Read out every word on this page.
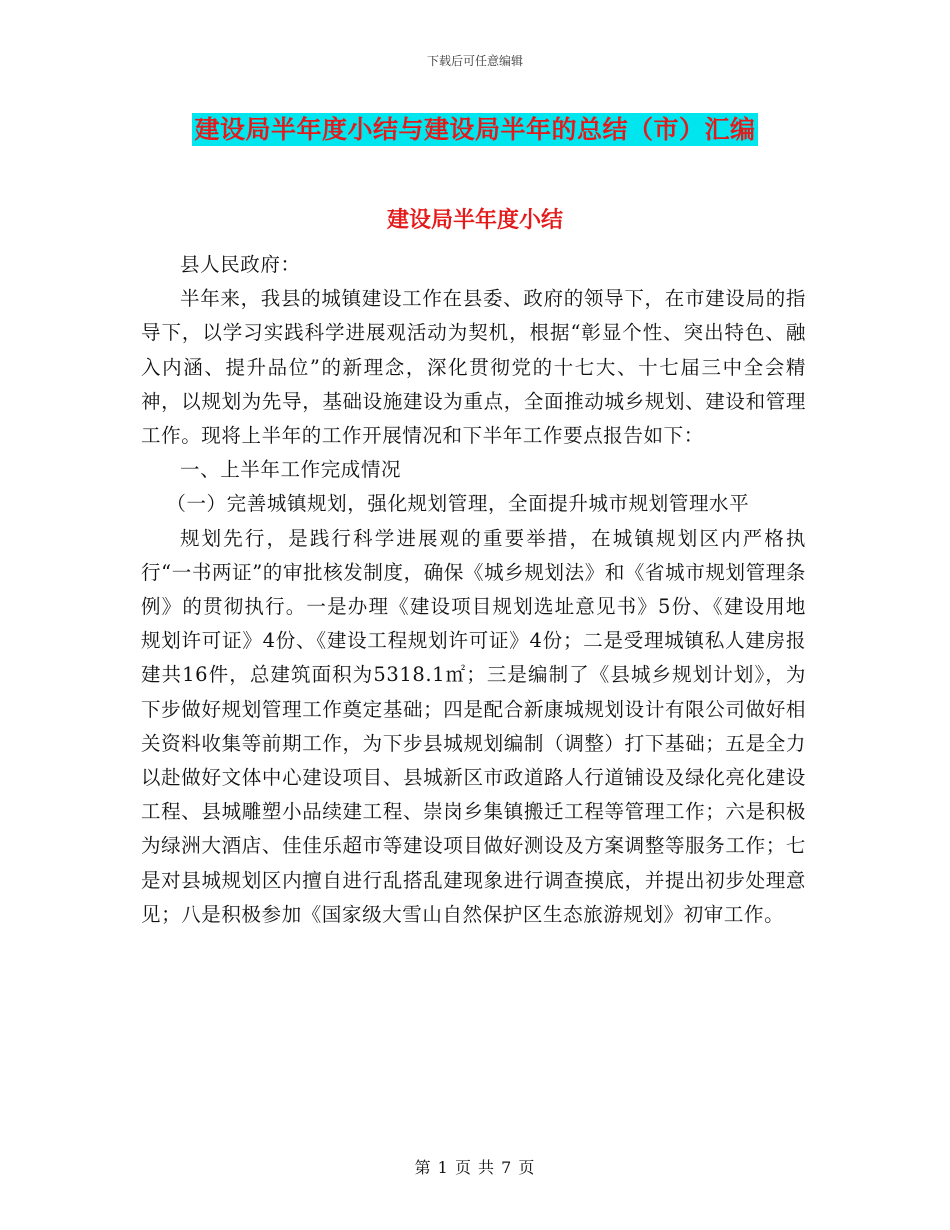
下载后可任意编辑
建设局半年度小结与建设局半年的总结（市）汇编
建设局半年度小结

县人民政府：

半年来，我县的城镇建设工作在县委、政府的领导下，在市建设局的指导下，以学习实践科学进展观活动为契机，根据“彰显个性、突出特色、融入内涵、提升品位”的新理念，深化贯彻党的十七大、十七届三中全会精神，以规划为先导，基础设施建设为重点，全面推动城乡规划、建设和管理工作。现将上半年的工作开展情况和下半年工作要点报告如下：

一、上半年工作完成情况

（一）完善城镇规划，强化规划管理，全面提升城市规划管理水平

规划先行，是践行科学进展观的重要举措，在城镇规划区内严格执行“一书两证”的审批核发制度，确保《城乡规划法》和《省城市规划管理条例》的贯彻执行。一是办理《建设项目规划选址意见书》5份、《建设用地规划许可证》4份、《建设工程规划许可证》4份；二是受理城镇私人建房报建共16件，总建筑面积为5318.1㎡；三是编制了《县城乡规划计划》，为下步做好规划管理工作奠定基础；四是配合新康城规划设计有限公司做好相关资料收集等前期工作，为下步县城规划编制（调整）打下基础；五是全力以赴做好文体中心建设项目、县城新区市政道路人行道铺设及绿化亮化建设工程、县城雕塑小品续建工程、崇岗乡集镇搬迁工程等管理工作；六是积极为绿洲大酒店、佳佳乐超市等建设项目做好测设及方案调整等服务工作；七是对县城规划区内擅自进行乱搭乱建现象进行调查摸底，并提出初步处理意见；八是积极参加《国家级大雪山自然保护区生态旅游规划》初审工作。

第 1 页 共 7 页
